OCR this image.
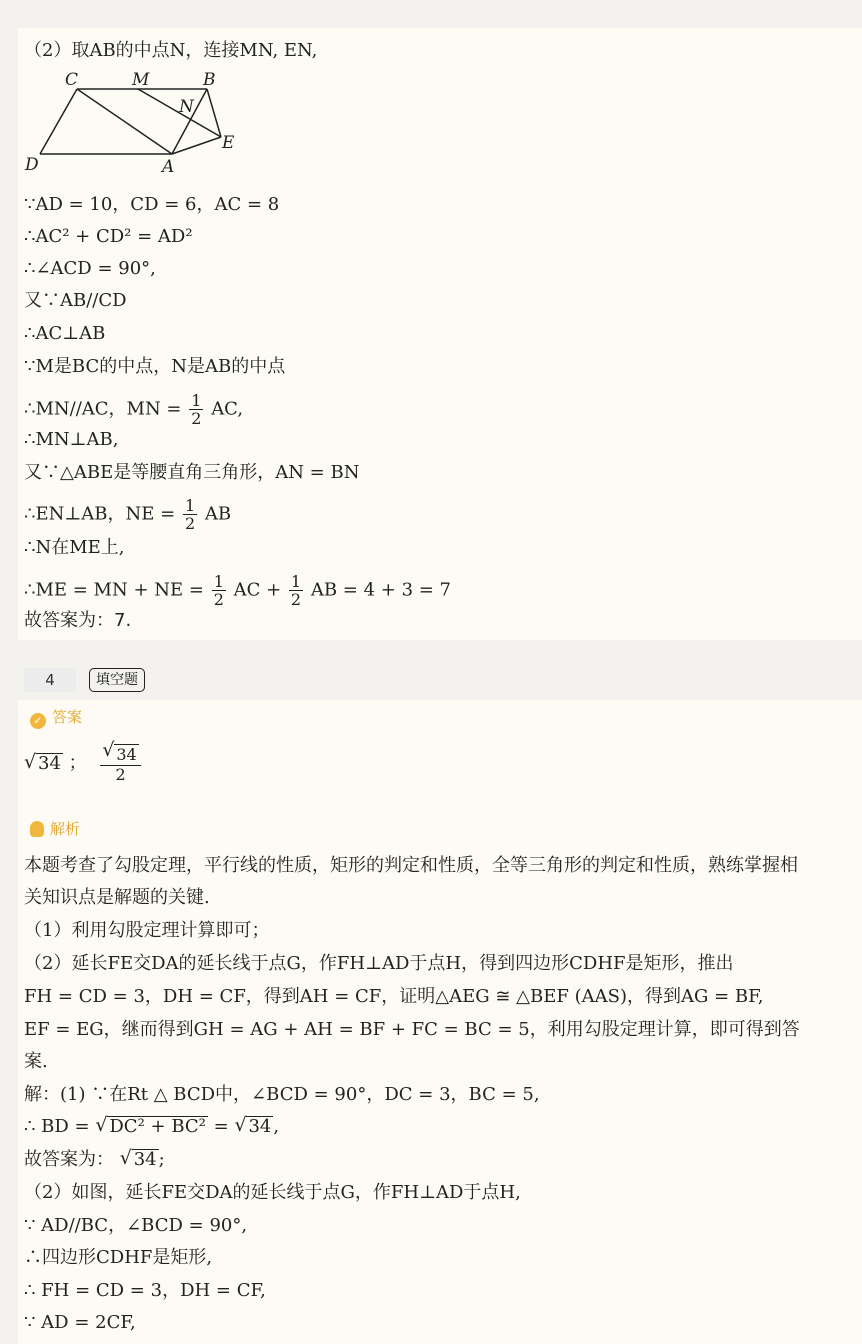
（2）取AB的中点N，连接MN, EN,
C	M	B
N
E
D	A
∵AD = 10，CD = 6，AC = 8
∴AC² + CD² = AD²
∴∠ACD = 90°,
又∵AB//CD
∴AC⊥AB
∵M是BC的中点，N是AB的中点
∴MN//AC，MN = $\frac{1}{2}$ AC,
∴MN⊥AB,
又∵△ABE是等腰直角三角形，AN = BN
∴EN⊥AB，NE = $\frac{1}{2}$ AB
∴N在ME上,
∴ME = MN + NE = $\frac{1}{2}$ AC + $\frac{1}{2}$ AB = 4 + 3 = 7
故答案为：7.
4	填空题
✓ 答案
√ 34 ； $\frac{√ 34}{2}$
解析
本题考查了勾股定理，平行线的性质，矩形的判定和性质，全等三角形的判定和性质，熟练掌握相
关知识点是解题的关键.
（1）利用勾股定理计算即可；
（2）延长FE交DA的延长线于点G，作FH⊥AD于点H，得到四边形CDHF是矩形，推出
FH = CD = 3，DH = CF，得到AH = CF，证明△AEG ≅ △BEF (AAS)，得到AG = BF,
EF = EG，继而得到GH = AG + AH = BF + FC = BC = 5，利用勾股定理计算，即可得到答
案.
解：(1) ∵在Rt △ BCD中，∠BCD = 90°，DC = 3，BC = 5,
∴ BD = √ DC² + BC² = √ 34 ,
故答案为： √ 34 ;
（2）如图，延长FE交DA的延长线于点G，作FH⊥AD于点H,
∵ AD//BC，∠BCD = 90°,
∴四边形CDHF是矩形,
∴ FH = CD = 3，DH = CF,
∵ AD = 2CF,
